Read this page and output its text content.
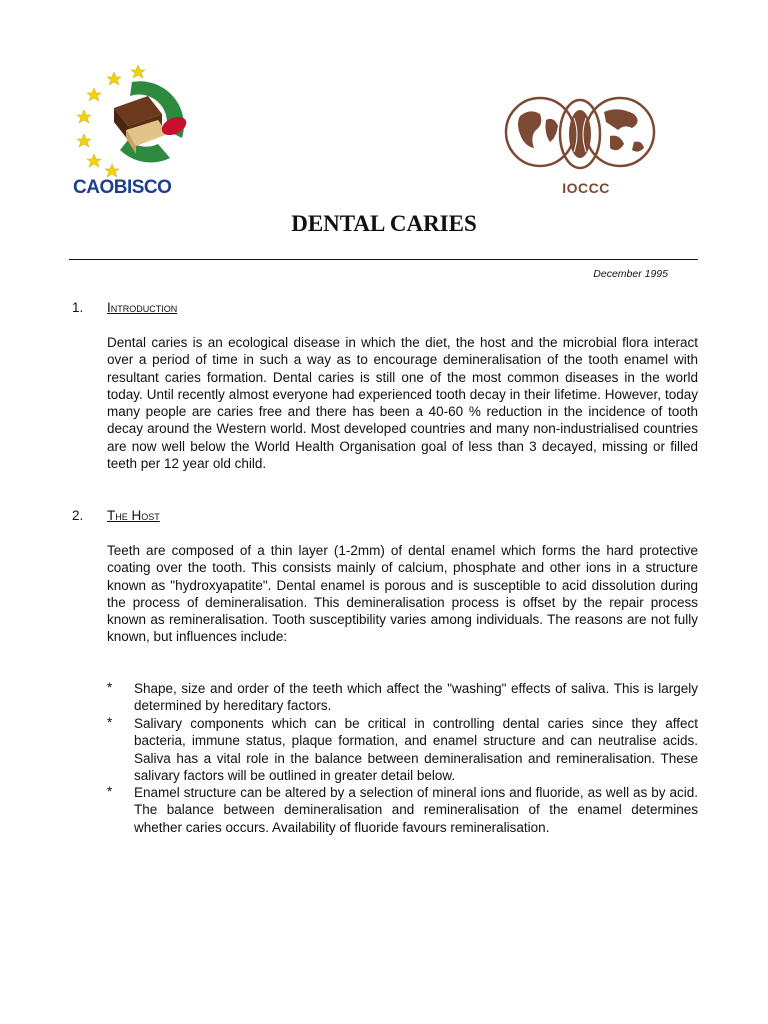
CAOBISCO	IOCCC
DENTAL CARIES
December 1995
1. Introduction

Dental caries is an ecological disease in which the diet, the host and the microbial flora interact over a period of time in such a way as to encourage demineralisation of the tooth enamel with resultant caries formation. Dental caries is still one of the most common diseases in the world today. Until recently almost everyone had experienced tooth decay in their lifetime. However, today many people are caries free and there has been a 40-60 % reduction in the incidence of tooth decay around the Western world. Most developed countries and many non-industrialised countries are now well below the World Health Organisation goal of less than 3 decayed, missing or filled teeth per 12 year old child.

2. The Host

Teeth are composed of a thin layer (1-2mm) of dental enamel which forms the hard protective coating over the tooth. This consists mainly of calcium, phosphate and other ions in a structure known as "hydroxyapatite". Dental enamel is porous and is susceptible to acid dissolution during the process of demineralisation. This demineralisation process is offset by the repair process known as remineralisation. Tooth susceptibility varies among individuals. The reasons are not fully known, but influences include:

* Shape, size and order of the teeth which affect the "washing" effects of saliva. This is largely determined by hereditary factors.

* Salivary components which can be critical in controlling dental caries since they affect bacteria, immune status, plaque formation, and enamel structure and can neutralise acids. Saliva has a vital role in the balance between demineralisation and remineralisation. These salivary factors will be outlined in greater detail below.

* Enamel structure can be altered by a selection of mineral ions and fluoride, as well as by acid. The balance between demineralisation and remineralisation of the enamel determines whether caries occurs. Availability of fluoride favours remineralisation.
